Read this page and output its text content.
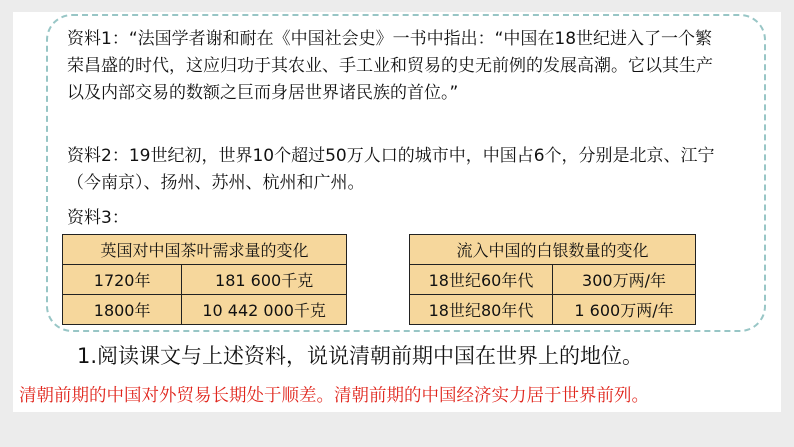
资料1：“法国学者谢和耐在《中国社会史》一书中指出：“中国在18世纪进入了一个繁荣昌盛的时代，这应归功于其农业、手工业和贸易的史无前例的发展高潮。它以其生产以及内部交易的数额之巨而身居世界诸民族的首位。”

资料2：19世纪初，世界10个超过50万人口的城市中，中国占6个，分别是北京、江宁（今南京）、扬州、苏州、杭州和广州。

资料3：

英国对中国茶叶需求量的变化	
1720年	181 600千克
1800年	10 442 000千克
流入中国的白银数量的变化	
18世纪60年代	300万两/年
18世纪80年代	1 600万两/年

1.阅读课文与上述资料，说说清朝前期中国在世界上的地位。

清朝前期的中国对外贸易长期处于顺差。清朝前期的中国经济实力居于世界前列。
